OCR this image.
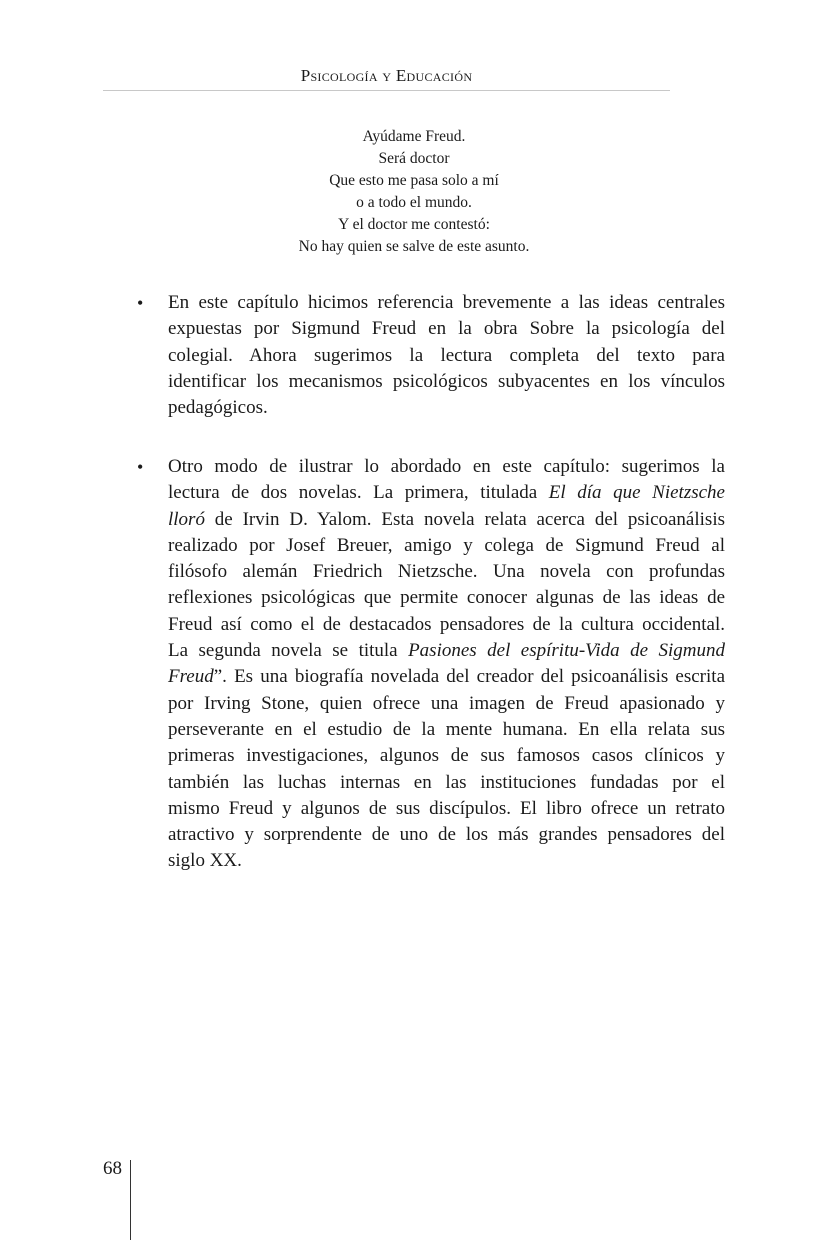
Psicología y Educación
Ayúdame Freud.
Será doctor
Que esto me pasa solo a mí
o a todo el mundo.
Y el doctor me contestó:
No hay quien se salve de este asunto.
• En este capítulo hicimos referencia brevemente a las ideas centrales
expuestas por Sigmund Freud en la obra Sobre la psicología del
colegial. Ahora sugerimos la lectura completa del texto para
identificar los mecanismos psicológicos subyacentes en los vínculos
pedagógicos.
• Otro modo de ilustrar lo abordado en este capítulo: sugerimos la
lectura de dos novelas. La primera, titulada El día que Nietzsche
lloró de Irvin D. Yalom. Esta novela relata acerca del psicoanálisis
realizado por Josef Breuer, amigo y colega de Sigmund Freud al
filósofo alemán Friedrich Nietzsche. Una novela con profundas
reflexiones psicológicas que permite conocer algunas de las ideas de
Freud así como el de destacados pensadores de la cultura occidental.
La segunda novela se titula Pasiones del espíritu-Vida de Sigmund
Freud”. Es una biografía novelada del creador del psicoanálisis escrita
por Irving Stone, quien ofrece una imagen de Freud apasionado y
perseverante en el estudio de la mente humana. En ella relata sus
primeras investigaciones, algunos de sus famosos casos clínicos y
también las luchas internas en las instituciones fundadas por el
mismo Freud y algunos de sus discípulos. El libro ofrece un retrato
atractivo y sorprendente de uno de los más grandes pensadores del
siglo XX.
68
